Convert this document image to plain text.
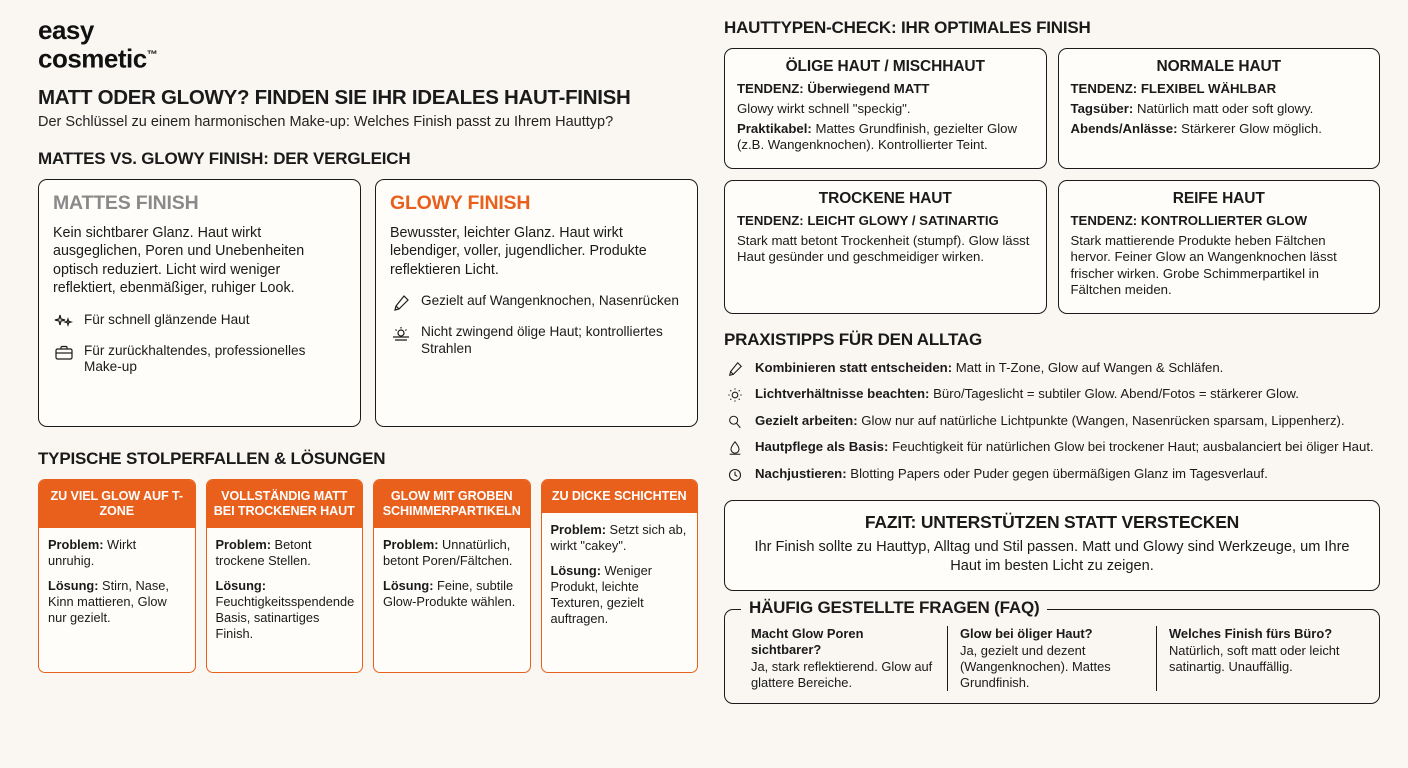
easy
cosmetic™
MATT ODER GLOWY? FINDEN SIE IHR IDEALES HAUT-FINISH

Der Schlüssel zu einem harmonischen Make-up: Welches Finish passt zu Ihrem Hauttyp?

MATTES VS. GLOWY FINISH: DER VERGLEICH
MATTES FINISH

Kein sichtbarer Glanz. Haut wirkt ausgeglichen, Poren und Unebenheiten optisch reduziert. Licht wird weniger reflektiert, ebenmäßiger, ruhiger Look.

Für schnell glänzende Haut
Für zurückhaltendes, professionelles Make-up
GLOWY FINISH

Bewusster, leichter Glanz. Haut wirkt lebendiger, voller, jugendlicher. Produkte reflektieren Licht.

Gezielt auf Wangenknochen, Nasenrücken
Nicht zwingend ölige Haut; kontrolliertes Strahlen
TYPISCHE STOLPERFALLEN & LÖSUNGEN
ZU VIEL GLOW AUF T-ZONE

Problem: Wirkt unruhig.

Lösung: Stirn, Nase, Kinn mattieren, Glow nur gezielt.

VOLLSTÄNDIG MATT BEI TROCKENER HAUT

Problem: Betont trockene Stellen.

Lösung: Feuchtigkeitsspendende Basis, satinartiges Finish.

GLOW MIT GROBEN SCHIMMERPARTIKELN

Problem: Unnatürlich, betont Poren/Fältchen.

Lösung: Feine, subtile Glow-Produkte wählen.

ZU DICKE SCHICHTEN

Problem: Setzt sich ab, wirkt "cakey".

Lösung: Weniger Produkt, leichte Texturen, gezielt auftragen.

HAUTTYPEN-CHECK: IHR OPTIMALES FINISH
ÖLIGE HAUT / MISCHHAUT

TENDENZ: Überwiegend MATT

Glowy wirkt schnell "speckig".

Praktikabel: Mattes Grundfinish, gezielter Glow (z.B. Wangenknochen). Kontrollierter Teint.

NORMALE HAUT

TENDENZ: FLEXIBEL WÄHLBAR

Tagsüber: Natürlich matt oder soft glowy.

Abends/Anlässe: Stärkerer Glow möglich.

TROCKENE HAUT

TENDENZ: LEICHT GLOWY / SATINARTIG

Stark matt betont Trockenheit (stumpf). Glow lässt Haut gesünder und geschmeidiger wirken.

REIFE HAUT

TENDENZ: KONTROLLIERTER GLOW

Stark mattierende Produkte heben Fältchen hervor. Feiner Glow an Wangenknochen lässt frischer wirken. Grobe Schimmerpartikel in Fältchen meiden.

PRAXISTIPPS FÜR DEN ALLTAG
Kombinieren statt entscheiden: Matt in T-Zone, Glow auf Wangen & Schläfen.
Lichtverhältnisse beachten: Büro/Tageslicht = subtiler Glow. Abend/Fotos = stärkerer Glow.
Gezielt arbeiten: Glow nur auf natürliche Lichtpunkte (Wangen, Nasenrücken sparsam, Lippenherz).
Hautpflege als Basis: Feuchtigkeit für natürlichen Glow bei trockener Haut; ausbalanciert bei öliger Haut.
Nachjustieren: Blotting Papers oder Puder gegen übermäßigen Glanz im Tagesverlauf.
FAZIT: UNTERSTÜTZEN STATT VERSTECKEN

Ihr Finish sollte zu Hauttyp, Alltag und Stil passen. Matt und Glowy sind Werkzeuge, um Ihre Haut im besten Licht zu zeigen.

HÄUFIG GESTELLTE FRAGEN (FAQ)

Macht Glow Poren sichtbarer?

Ja, stark reflektierend. Glow auf glattere Bereiche.

Glow bei öliger Haut?

Ja, gezielt und dezent (Wangenknochen). Mattes Grundfinish.

Welches Finish fürs Büro?

Natürlich, soft matt oder leicht satinartig. Unauffällig.
